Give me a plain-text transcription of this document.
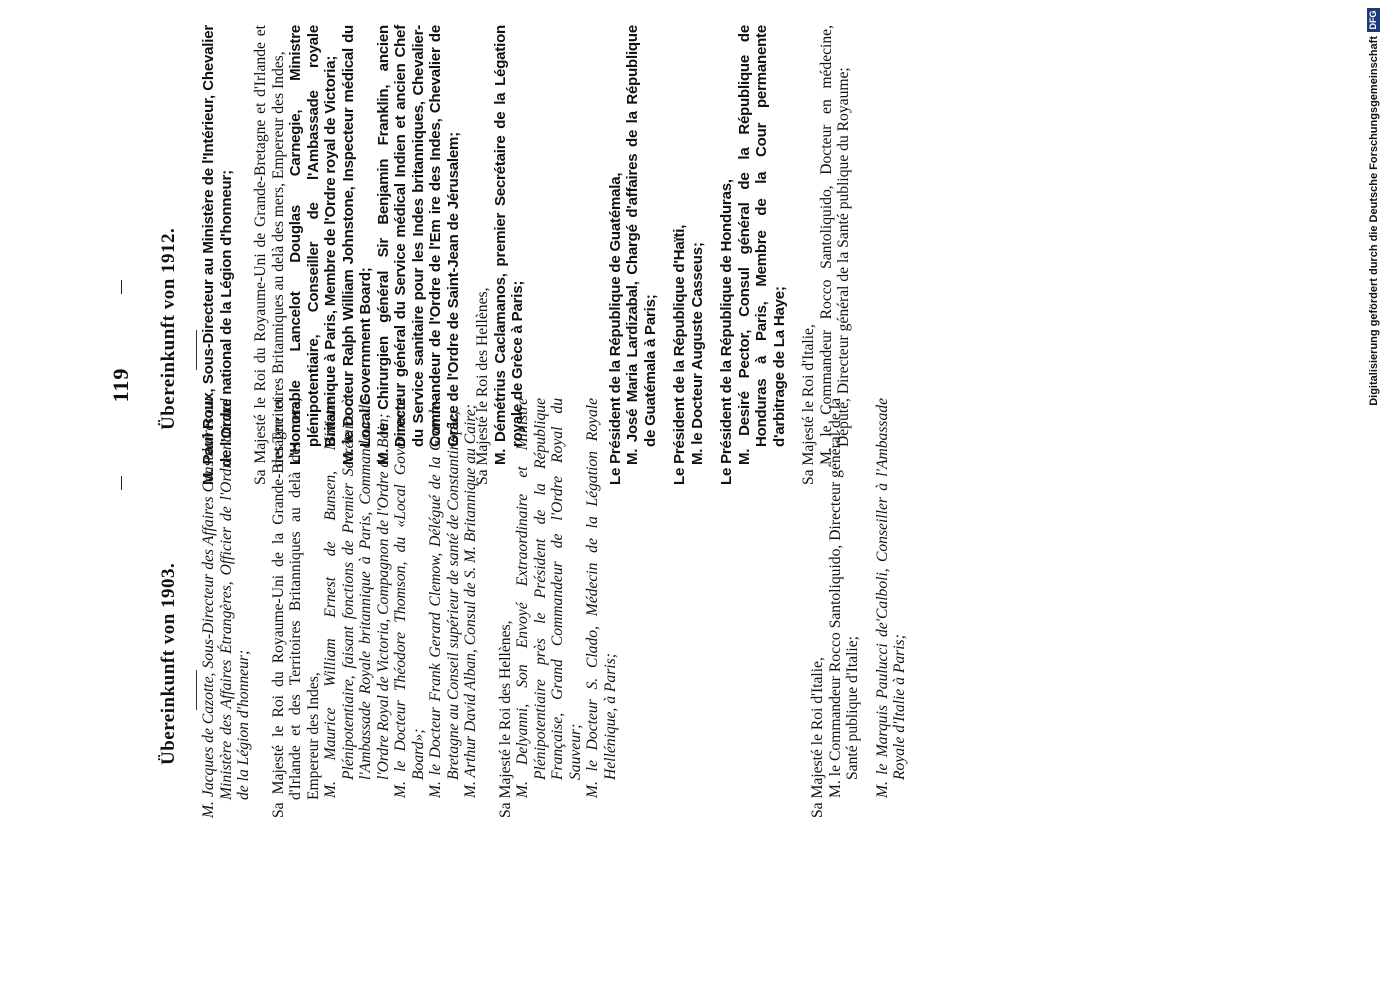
119
Übereinkunft von 1903. M. Jacques de Cazotte, Sous-Directeur des Affaires Consulaires au Ministère des Affaires Étrangères, Officier de l'Ordre national de la Légion d'honneur; Sa Majesté le Roi du Royaume-Uni de la Grande-Bretagne et d'Irlande et des Territoires Britanniques au delà des mers, Empereur des Indes, M. Maurice William Ernest de Bunsen, Ministre Plénipotentiaire, faisant fonctions de Premier Secrétaire à l'Ambassade Royale britannique à Paris, Commandeur de l'Ordre Royal de Victoria, Compagnon de l'Ordre du Bain; M. le Docteur Théodore Thomson, du «Local Government Board»; M. le Docteur Frank Gerard Clemow, Délégué de la Grande-Bretagne au Conseil supérieur de santé de Constantinople; M. Arthur David Alban, Consul de S. M. Britannique au Caire; Sa Majesté le Roi des Hellènes, M. Delyanni, Son Envoyé Extraordinaire et Ministre Plénipotentiaire près le Président de la République Française, Grand Commandeur de l'Ordre Royal du Sauveur; M. le Docteur S. Clado, Médecin de la Légation Royale Hellénique, à Paris;	Sa Majesté le Roi d'Italie, M. le Commandeur Rocco Santoliquido, Directeur général de la Santé publique d'Italie; M. le Marquis Paulucci de'Calboli, Conseiller à l'Ambassade Royale d'Italie à Paris;

Übereinkunft von 1912. M. Paul Roux, Sous-Directeur au Ministère de l'Intérieur, Chevalier de l'Ordre national de la Légion d'honneur; Sa Majesté le Roi du Royaume-Uni de Grande-Bretagne et d'Irlande et des Territoires Britanniques au delà des mers, Empereur des Indes, L'Honorable Lancelot Douglas Carnegie, Ministre plénipotentiaire, Conseiller de l'Ambassade royale Britannique à Paris, Membre de l'Ordre royal de Victoria; M. le Docteur Ralph William Johnstone, Inspecteur médical du Local Government Board; M. le Chirurgien général Sir Benjamin Franklin, ancien Directeur général du Service médical Indien et ancien Chef du Service sanitaire pour les Indes britanniques, Chevalier-Commandeur de l'Ordre de l'Em ire des Indes, Chevalier de Grâce de l'Ordre de Saint-Jean de Jérusalem; Sa Majesté le Roi des Hellènes, M. Démétrius Caclamanos, premier Secrétaire de la Légation royale de Grèce à Paris;	Le Président de la République de Guatémala, M. José Maria Lardizabal, Chargé d'affaires de la République de Guatémala à Paris; Le Président de la République d'Haïti, M. le Docteur Auguste Casseus; Le Président de la République de Honduras, M. Desiré Pector, Consul général de la République de Honduras à Paris, Membre de la Cour permanente d'arbitrage de La Haye; Sa Majesté le Roi d'Italie, M. le Commandeur Rocco Santoliquido, Docteur en médecine, Député, Directeur général de la Santé publique du Royaume;	Digitalisierung gefördert durch die Deutsche Forschungsgemeinschaft
DFG
